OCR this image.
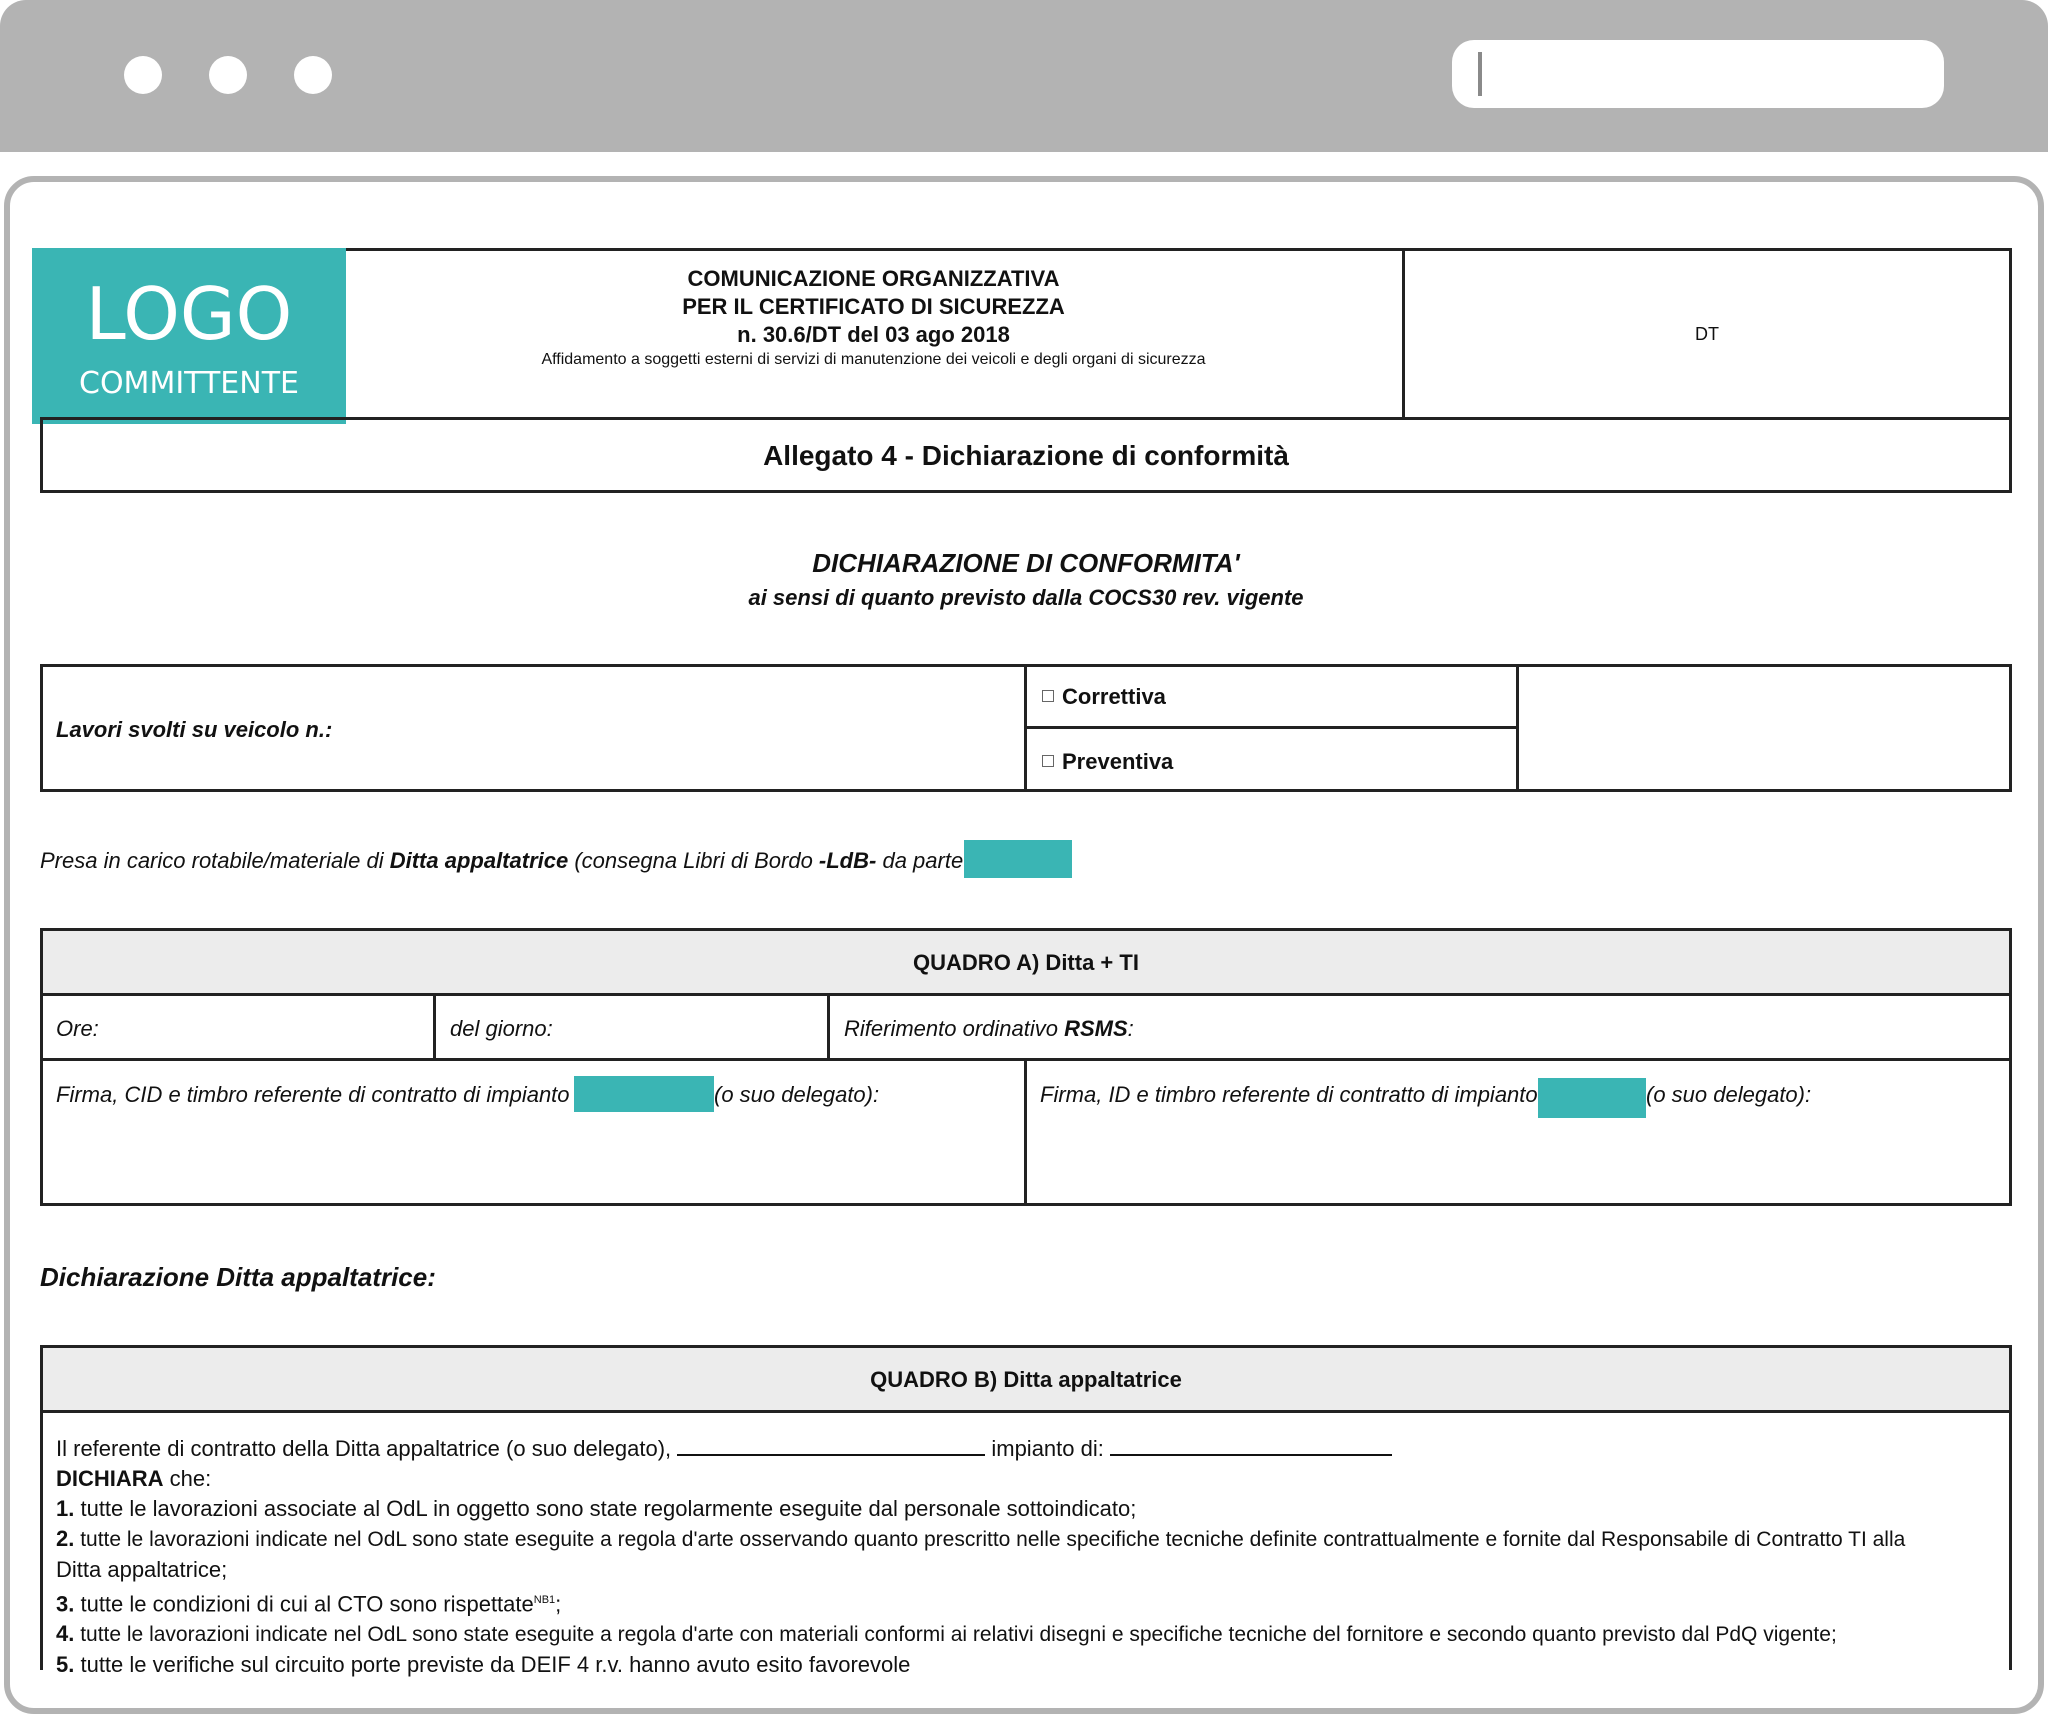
COMUNICAZIONE ORGANIZZATIVA
PER IL CERTIFICATO DI SICUREZZA
n. 30.6/DT del 03 ago 2018
Affidamento a soggetti esterni di servizi di manutenzione dei veicoli e degli organi di sicurezza
DT
LOGO
COMMITTENTE
Allegato 4 - Dichiarazione di conformità
DICHIARAZIONE DI CONFORMITA'
ai sensi di quanto previsto dalla COCS30 rev. vigente
Lavori svolti su veicolo n.:
Correttiva
Preventiva
Presa in carico rotabile/materiale di Ditta appaltatrice (consegna Libri di Bordo -LdB- da parte
QUADRO A) Ditta + TI
Ore:	del giorno:	Riferimento ordinativo RSMS:
Firma, CID e timbro referente di contratto di impianto	(o suo delegato):	Firma, ID e timbro referente di contratto di impianto	(o suo delegato):
Dichiarazione Ditta appaltatrice:
QUADRO B) Ditta appaltatrice

Il referente di contratto della Ditta appaltatrice (o suo delegato),	impianto di:

DICHIARA che:

1. tutte le lavorazioni associate al OdL in oggetto sono state regolarmente eseguite dal personale sottoindicato;

2. tutte le lavorazioni indicate nel OdL sono state eseguite a regola d'arte osservando quanto prescritto nelle specifiche tecniche definite contrattualmente e fornite dal Responsabile di Contratto TI alla

Ditta appaltatrice;

3. tutte le condizioni di cui al CTO sono rispettate$^{NB1}$;

4. tutte le lavorazioni indicate nel OdL sono state eseguite a regola d'arte con materiali conformi ai relativi disegni e specifiche tecniche del fornitore e secondo quanto previsto dal PdQ vigente;

5. tutte le verifiche sul circuito porte previste da DEIF 4 r.v. hanno avuto esito favorevole
